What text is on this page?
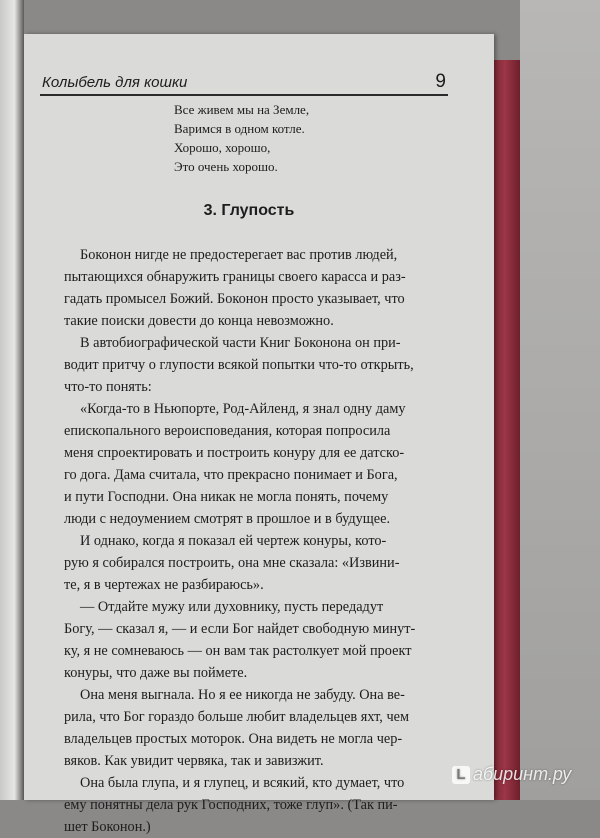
Колыбель для кошки	9
Все живем мы на Земле,
Варимся в одном котле.
Хорошо, хорошо,
Это очень хорошо.
3. Глупость
Боконон нигде не предостерегает вас против людей,
пытающихся обнаружить границы своего карасса и раз-
гадать промысел Божий. Боконон просто указывает, что
такие поиски довести до конца невозможно.
В автобиографической части Книг Боконона он при-
водит притчу о глупости всякой попытки что-то открыть,
что-то понять:
«Когда-то в Ньюпорте, Род-Айленд, я знал одну даму
епископального вероисповедания, которая попросила
меня спроектировать и построить конуру для ее датско-
го дога. Дама считала, что прекрасно понимает и Бога,
и пути Господни. Она никак не могла понять, почему
люди с недоумением смотрят в прошлое и в будущее.
И однако, когда я показал ей чертеж конуры, кото-
рую я собирался построить, она мне сказала: «Извини-
те, я в чертежах не разбираюсь».
— Отдайте мужу или духовнику, пусть передадут
Богу, — сказал я, — и если Бог найдет свободную минут-
ку, я не сомневаюсь — он вам так растолкует мой проект
конуры, что даже вы поймете.
Она меня выгнала. Но я ее никогда не забуду. Она ве-
рила, что Бог гораздо больше любит владельцев яхт, чем
владельцев простых моторок. Она видеть не могла чер-
вяков. Как увидит червяка, так и завизжит.
Она была глупа, и я глупец, и всякий, кто думает, что
ему понятны дела рук Господних, тоже глуп». (Так пи-
шет Боконон.)
L абиринт.ру
